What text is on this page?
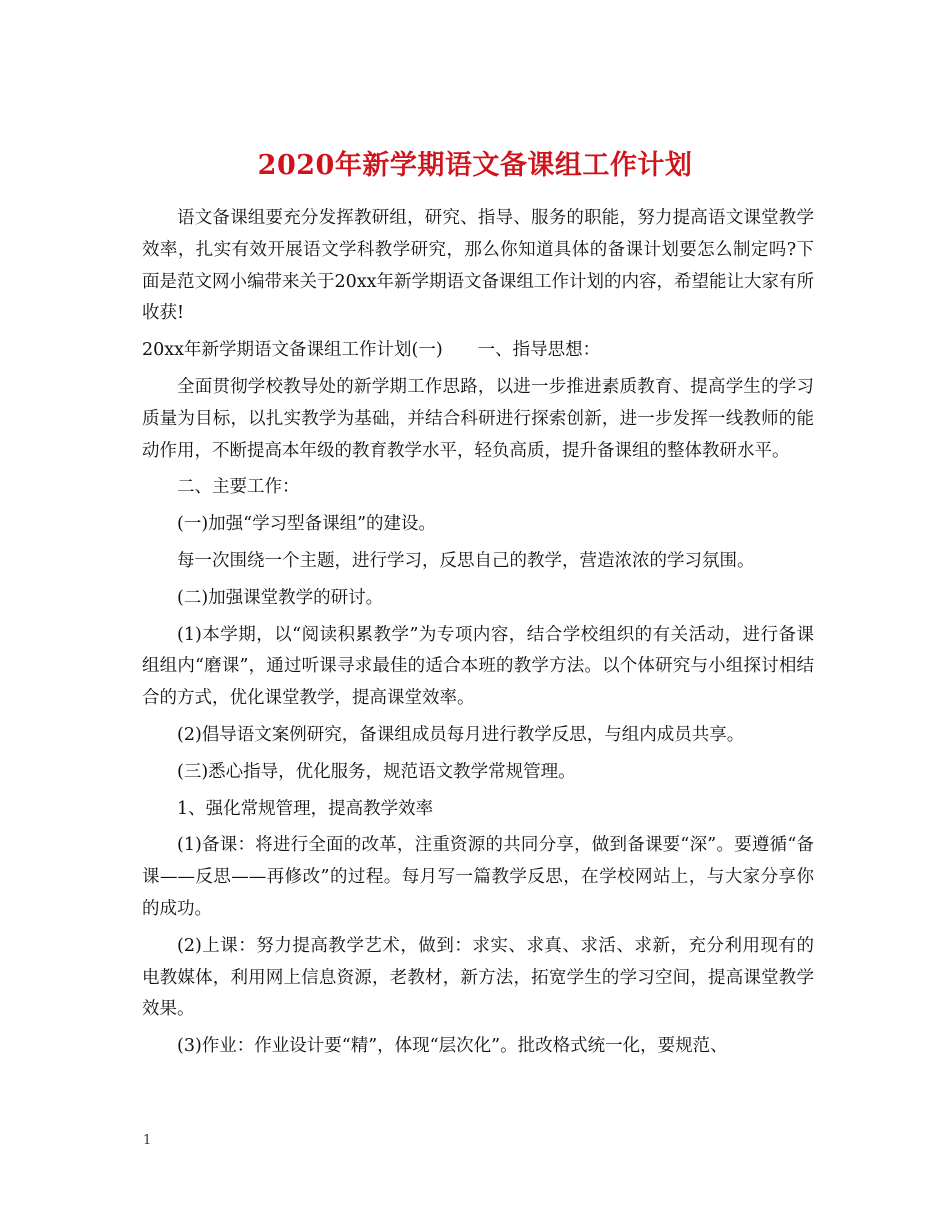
2020年新学期语文备课组工作计划

语文备课组要充分发挥教研组，研究、指导、服务的职能，努力提高语文课堂教学效率，扎实有效开展语文学科教学研究，那么你知道具体的备课计划要怎么制定吗?下面是范文网小编带来关于20xx年新学期语文备课组工作计划的内容，希望能让大家有所收获!

20xx年新学期语文备课组工作计划(一)　　一、指导思想：

全面贯彻学校教导处的新学期工作思路，以进一步推进素质教育、提高学生的学习质量为目标，以扎实教学为基础，并结合科研进行探索创新，进一步发挥一线教师的能动作用，不断提高本年级的教育教学水平，轻负高质，提升备课组的整体教研水平。

二、主要工作：

(一)加强“学习型备课组”的建设。

每一次围绕一个主题，进行学习，反思自己的教学，营造浓浓的学习氛围。

(二)加强课堂教学的研讨。

(1)本学期，以“阅读积累教学”为专项内容，结合学校组织的有关活动，进行备课组组内“磨课”，通过听课寻求最佳的适合本班的教学方法。以个体研究与小组探讨相结合的方式，优化课堂教学，提高课堂效率。

(2)倡导语文案例研究，备课组成员每月进行教学反思，与组内成员共享。

(三)悉心指导，优化服务，规范语文教学常规管理。

1、强化常规管理，提高教学效率

(1)备课：将进行全面的改革，注重资源的共同分享，做到备课要“深”。要遵循“备课——反思——再修改”的过程。每月写一篇教学反思，在学校网站上，与大家分享你的成功。

(2)上课：努力提高教学艺术，做到：求实、求真、求活、求新，充分利用现有的电教媒体，利用网上信息资源，老教材，新方法，拓宽学生的学习空间，提高课堂教学效果。

(3)作业：作业设计要“精”，体现“层次化”。批改格式统一化，要规范、

1
